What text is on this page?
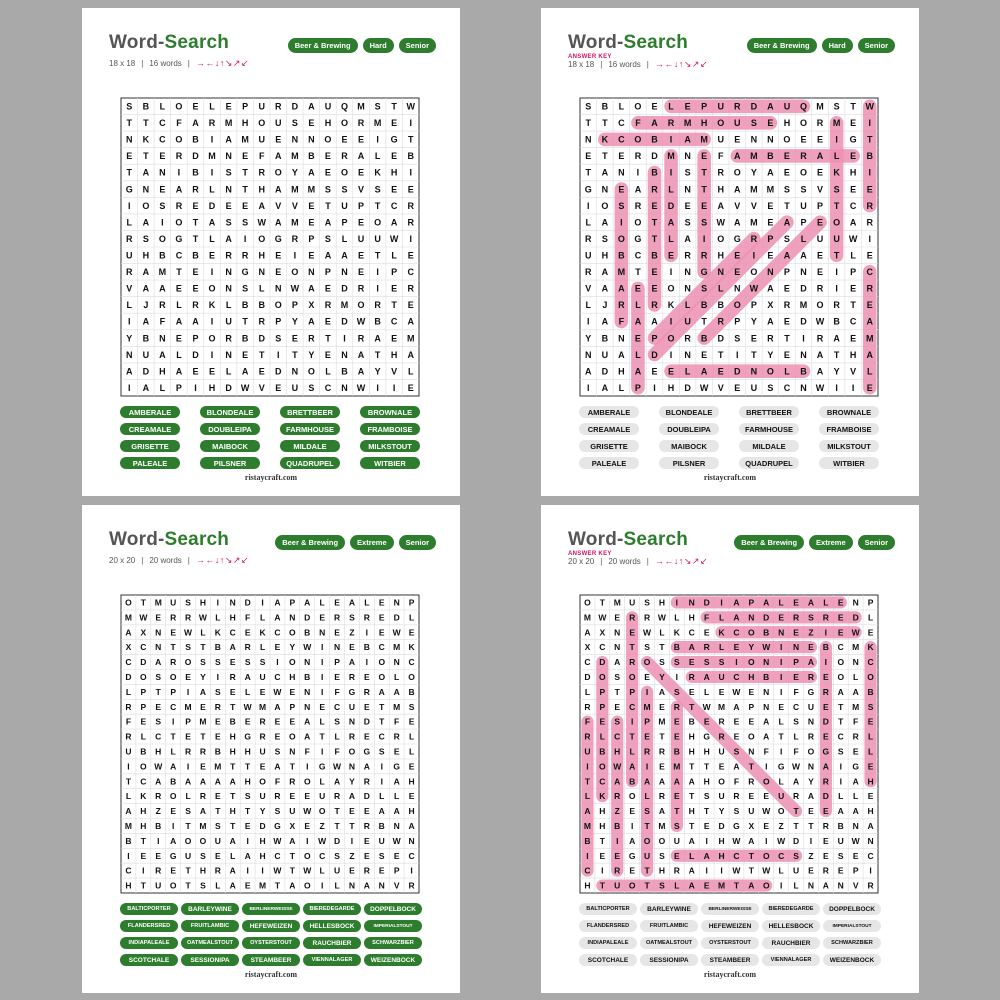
Word-Search
18 x 18 | 16 words | →←↓↑↘↗↙
Beer & Brewing	Hard	Senior
S B L O E L E P U R D A U Q M S T W
T T C F A R M H O U S E H O R M E I
N K C O B I A M U E N N O E E I G T
E T E R D M N E F A M B E R A L E B
T A N I B I S T R O Y A E O E K H I
G N E A R L N T H A M M S S V S E E
I O S R E D E E A V V E T U P T C R
L A I O T A S S W A M E A P E O A R
R S O G T L A I O G R P S L U U W I
U H B C B E R R H E I E A A E T L E
R A M T E I N G N E O N P N E I P C
V A A E E O N S L N W A E D R I E R
L J R L R K L B B O P X R M O R T E
I A F A A I U T R P Y A E D W B C A
Y B N E P O R B D S E R T I R A E M
N U A L D I N E T I T Y E N A T H A
A D H A E E L A E D N O L B A Y V L
I A L P I H D W V E U S C N W I I E
AMBERALE	BLONDEALE	BRETTBEER	BROWNALE
CREAMALE	DOUBLEIPA	FARMHOUSE	FRAMBOISE
GRISETTE	MAIBOCK	MILDALE	MILKSTOUT
PALEALE	PILSNER	QUADRUPEL	WITBIER
ristaycraft.com
Word-Search
ANSWER KEY
18 x 18 | 16 words | →←↓↑↘↗↙
Beer & Brewing	Hard	Senior
S B L O E L E P U R D A U Q M S T W
T T C F A R M H O U S E H O R M E I
N K C O B I A M U E N N O E E I G T
E T E R D M N E F A M B E R A L E B
T A N I B I S T R O Y A E O E K H I
G N E A R L N T H A M M S S V S E E
I O S R E D E E A V V E T U P T C R
L A I O T A S S W A M E A P E O A R
R S O G T L A I O G R P S L U U W I
U H B C B E R R H E I E A A E T L E
R A M T E I N G N E O N P N E I P C
V A A E E O N S L N W A E D R I E R
L J R L R K L B B O P X R M O R T E
I A F A A I U T R P Y A E D W B C A
Y B N E P O R B D S E R T I R A E M
N U A L D I N E T I T Y E N A T H A
A D H A E E L A E D N O L B A Y V L
I A L P I H D W V E U S C N W I I E
AMBERALE	BLONDEALE	BRETTBEER	BROWNALE
CREAMALE	DOUBLEIPA	FARMHOUSE	FRAMBOISE
GRISETTE	MAIBOCK	MILDALE	MILKSTOUT
PALEALE	PILSNER	QUADRUPEL	WITBIER
ristaycraft.com
Word-Search
20 x 20 | 20 words | →←↓↑↘↗↙
Beer & Brewing	Extreme	Senior
O T M U S H I N D I A P A L E A L E N P
M W E R R W L H F L A N D E R S R E D L
A X N E W L K C E K C O B N E Z I E W E
X C N T S T B A R L E Y W I N E B C M K
C D A R O S S E S S I O N I P A I O N C
D O S O E Y I R A U C H B I E R E O L O
L P T P I A S E L E W E N I F G R A A B
R P E C M E R T W M A P N E C U E T M S
F E S I P M E B E R E E A L S N D T F E
R L C T E T E H G R E O A T L R E C R L
U B H L R R B H H U S N F I F O G S E L
I O W A I E M T T E A T I G W N A I G E
T C A B A A A A H O F R O L A Y R I A H
L K R O L R E T S U R E E U R A D L L E
A H Z E S A T H T Y S U W O T E E A A H
M H B I T M S T E D G X E Z T T R B N A
B T I A O O U A I H W A I W D I E U W N
I E E G U S E L A H C T O C S Z E S E C
C I R E T H R A I I W T W L U E R E P I
H T U O T S L A E M T A O I L N A N V R
BALTICPORTER	BARLEYWINE	BERLINERWEISSE	BIEREDEGARDE	DOPPELBOCK
FLANDERSRED	FRUITLAMBIC	HEFEWEIZEN	HELLESBOCK	IMPERIALSTOUT
INDIAPALEALE	OATMEALSTOUT	OYSTERSTOUT	RAUCHBIER	SCHWARZBIER
SCOTCHALE	SESSIONIPA	STEAMBEER	VIENNALAGER	WEIZENBOCK
ristaycraft.com
Word-Search
ANSWER KEY
20 x 20 | 20 words | →←↓↑↘↗↙
Beer & Brewing	Extreme	Senior
O T M U S H I N D I A P A L E A L E N P
M W E R R W L H F L A N D E R S R E D L
A X N E W L K C E K C O B N E Z I E W E
X C N T S T B A R L E Y W I N E B C M K
C D A R O S S E S S I O N I P A I O N C
D O S O E Y I R A U C H B I E R E O L O
L P T P I A S E L E W E N I F G R A A B
R P E C M E R T W M A P N E C U E T M S
F E S I P M E B E R E E A L S N D T F E
R L C T E T E H G R E O A T L R E C R L
U B H L R R B H H U S N F I F O G S E L
I O W A I E M T T E A T I G W N A I G E
T C A B A A A A H O F R O L A Y R I A H
L K R O L R E T S U R E E U R A D L L E
A H Z E S A T H T Y S U W O T E E A A H
M H B I T M S T E D G X E Z T T R B N A
B T I A O O U A I H W A I W D I E U W N
I E E G U S E L A H C T O C S Z E S E C
C I R E T H R A I I W T W L U E R E P I
H T U O T S L A E M T A O I L N A N V R
BALTICPORTER	BARLEYWINE	BERLINERWEISSE	BIEREDEGARDE	DOPPELBOCK
FLANDERSRED	FRUITLAMBIC	HEFEWEIZEN	HELLESBOCK	IMPERIALSTOUT
INDIAPALEALE	OATMEALSTOUT	OYSTERSTOUT	RAUCHBIER	SCHWARZBIER
SCOTCHALE	SESSIONIPA	STEAMBEER	VIENNALAGER	WEIZENBOCK
ristaycraft.com
